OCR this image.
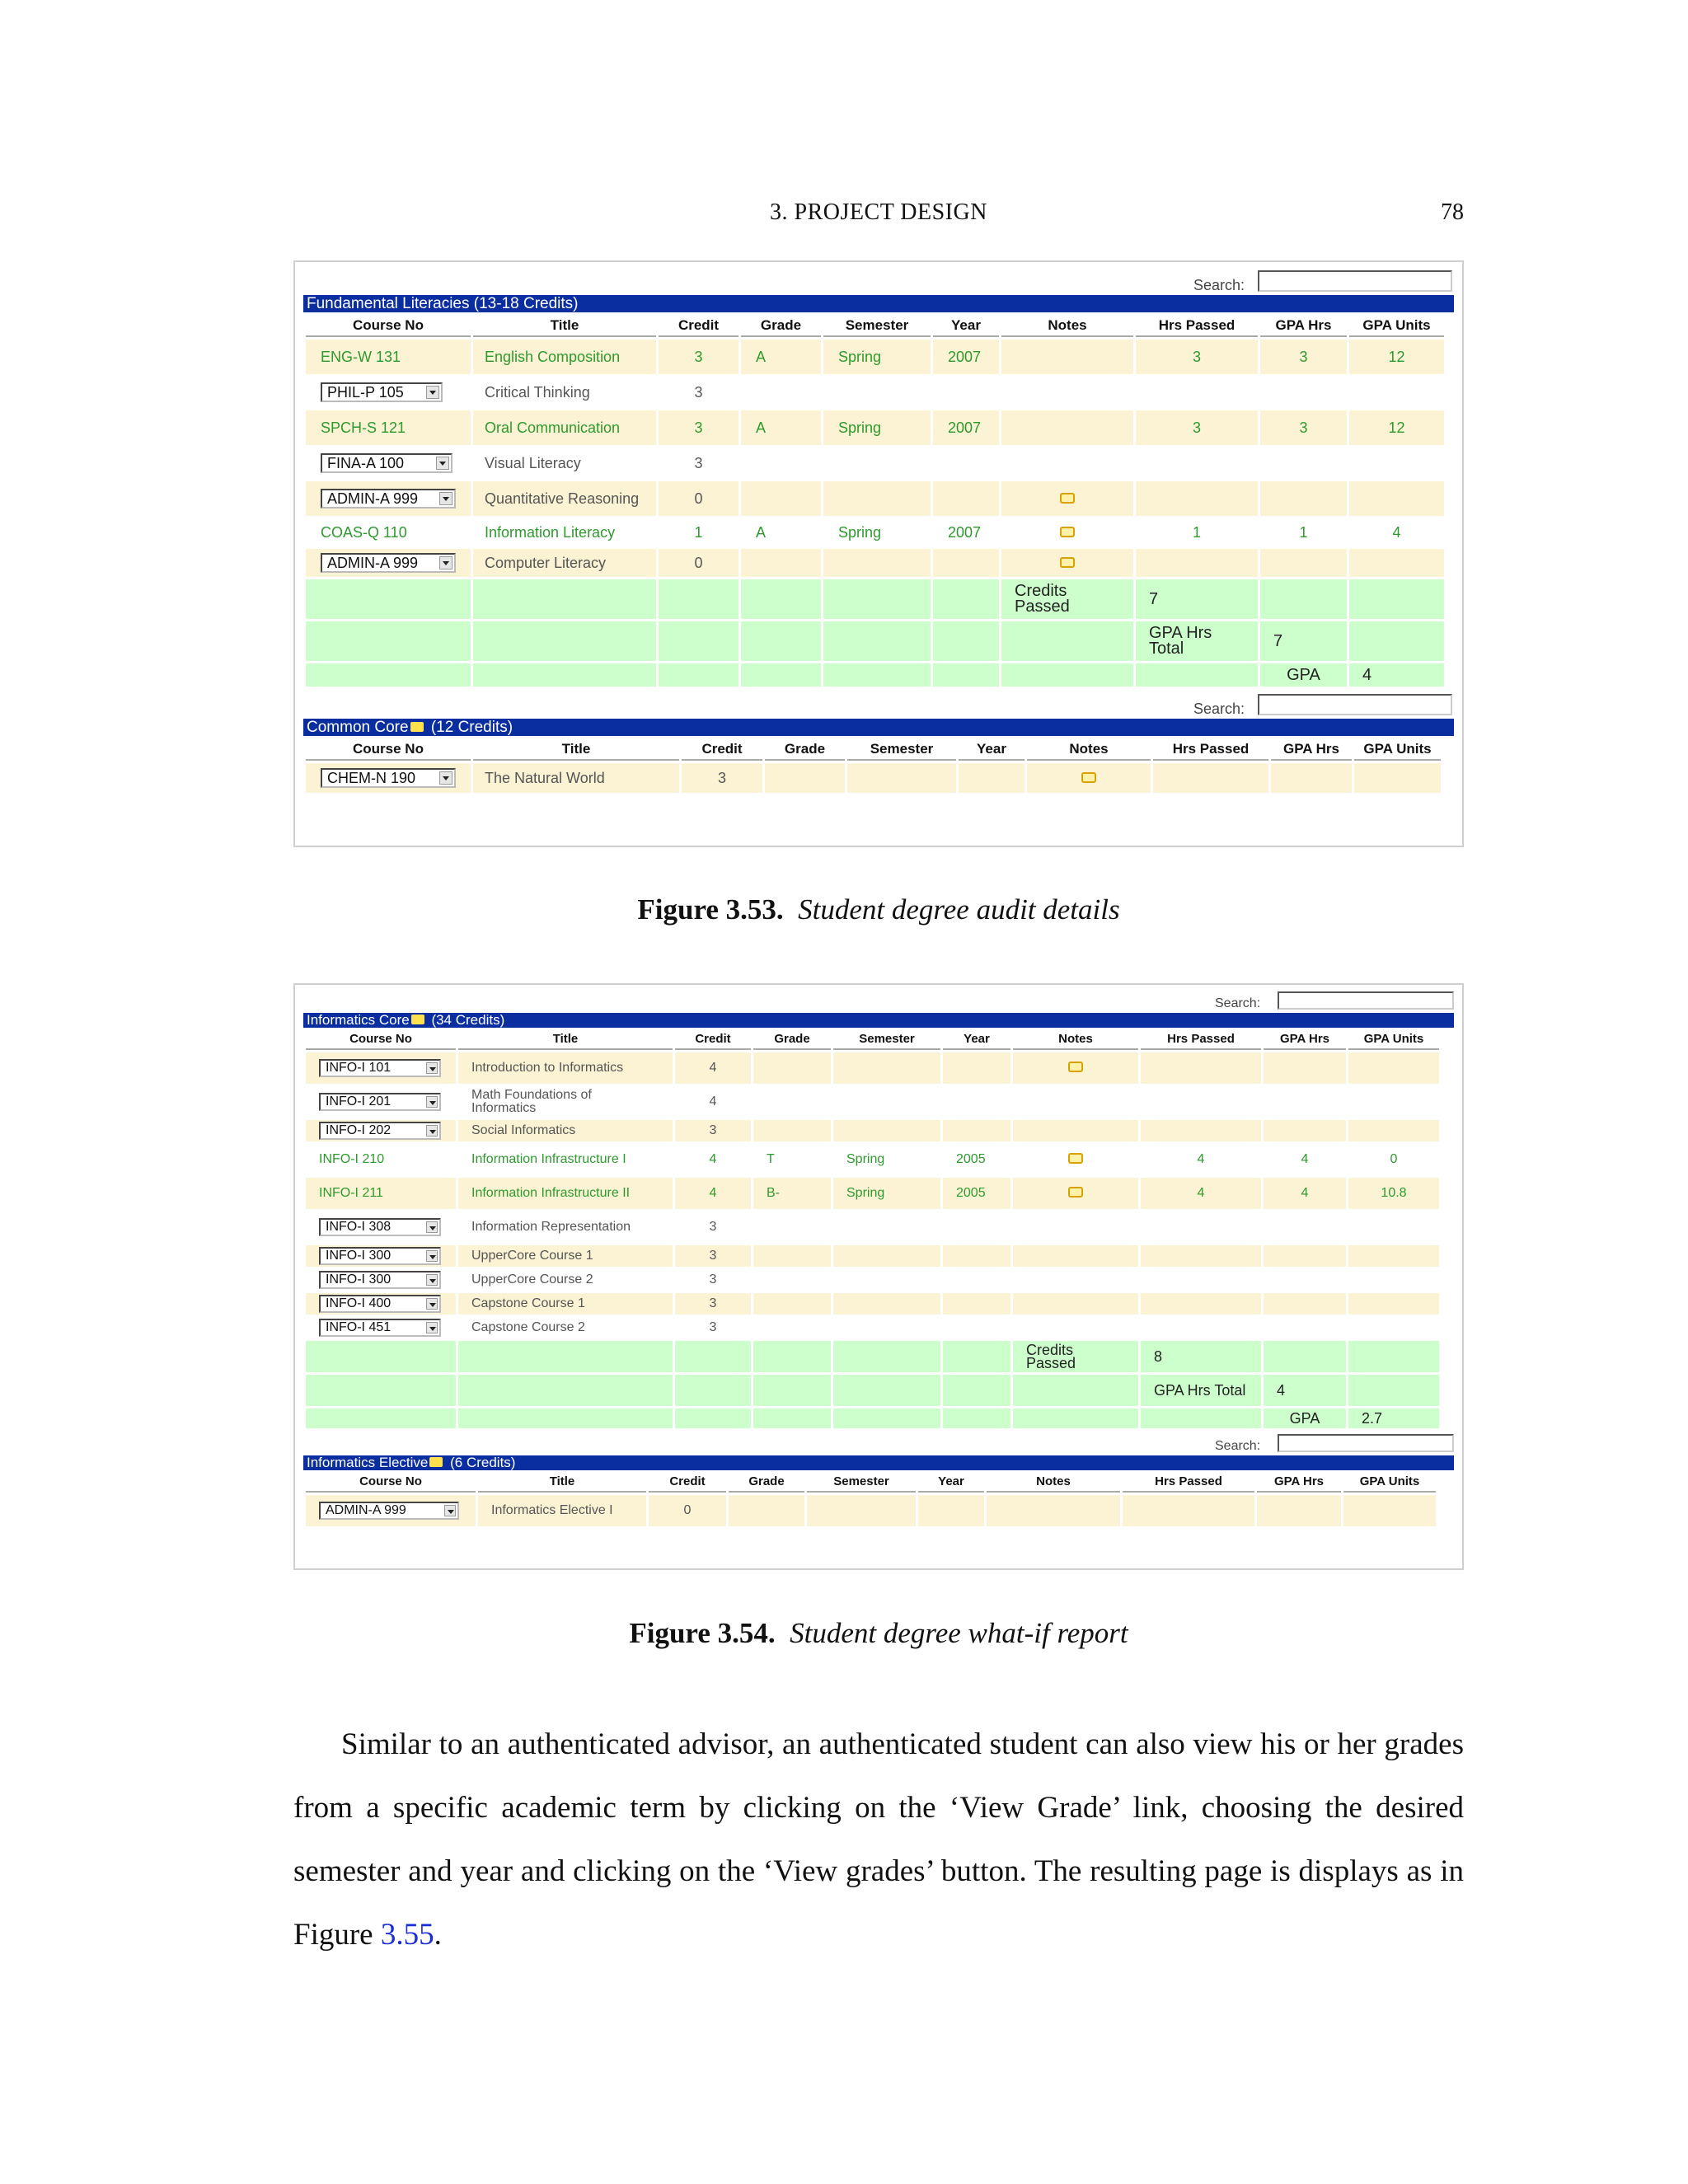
3. PROJECT DESIGN	78
Search:
Fundamental Literacies (13-18 Credits)
Course No	Title	Credit	Grade	Semester	Year	Notes	Hrs Passed	GPA Hrs	GPA Units
ENG-W 131	English Composition	3	A	Spring	2007		3	3	12
PHIL-P 105	Critical Thinking	3							
SPCH-S 121	Oral Communication	3	A	Spring	2007		3	3	12
FINA-A 100	Visual Literacy	3							
ADMIN-A 999	Quantitative Reasoning	0							
COAS-Q 110	Information Literacy	1	A	Spring	2007		1	1	4
ADMIN-A 999	Computer Literacy	0							
						Credits Passed	7		
							GPA Hrs Total	7	
								GPA	4
Search:
Common Core (12 Credits)
Course No	Title	Credit	Grade	Semester	Year	Notes	Hrs Passed	GPA Hrs	GPA Units
CHEM-N 190	The Natural World	3							
Figure 3.53. Student degree audit details
Search:
Informatics Core (34 Credits)
Course No	Title	Credit	Grade	Semester	Year	Notes	Hrs Passed	GPA Hrs	GPA Units
INFO-I 101	Introduction to Informatics	4							
INFO-I 201	Math Foundations of Informatics	4							
INFO-I 202	Social Informatics	3							
INFO-I 210	Information Infrastructure I	4	T	Spring	2005		4	4	0
INFO-I 211	Information Infrastructure II	4	B-	Spring	2005		4	4	10.8
INFO-I 308	Information Representation	3							
INFO-I 300	UpperCore Course 1	3							
INFO-I 300	UpperCore Course 2	3							
INFO-I 400	Capstone Course 1	3							
INFO-I 451	Capstone Course 2	3							
						Credits Passed	8		
							GPA Hrs Total	4	
								GPA	2.7
Search:
Informatics Elective (6 Credits)
Course No	Title	Credit	Grade	Semester	Year	Notes	Hrs Passed	GPA Hrs	GPA Units
ADMIN-A 999	Informatics Elective I	0							
Figure 3.54. Student degree what-if report
Similar to an authenticated advisor, an authenticated student can also view his or her grades from a specific academic term by clicking on the ‘View Grade’ link, choosing the desired semester and year and clicking on the ‘View grades’ button. The resulting page is displays as in Figure 3.55.
